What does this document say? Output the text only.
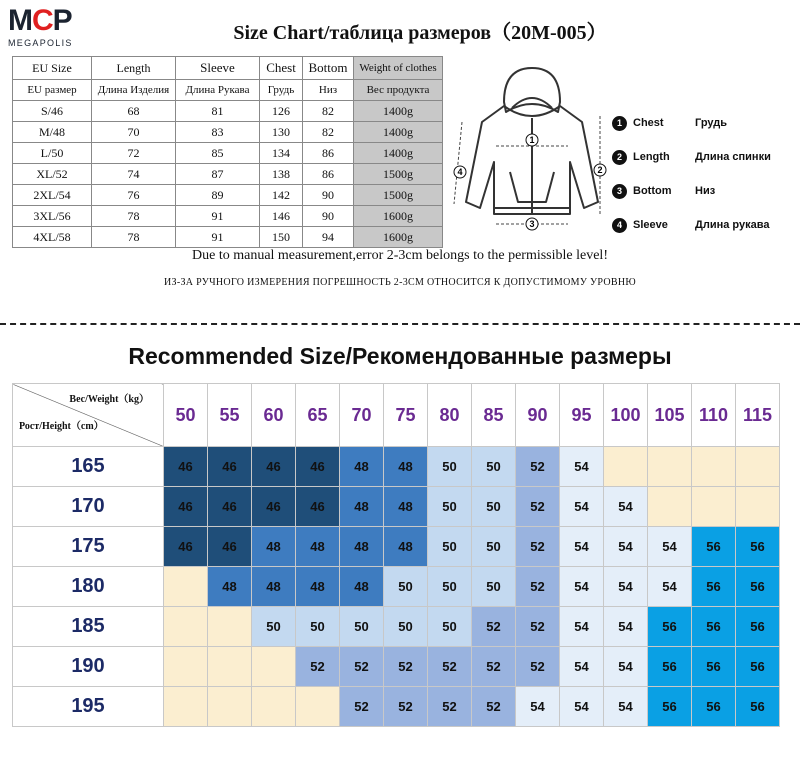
MCP
MEGAPOLIS	Size Chart/таблица размеров（20M-005）
EU Size	Length	Sleeve	Chest	Bottom	Weight of clothes
EU размер	Длина Изделия	Длина Рукава	Грудь	Низ	Вес продукта
S/46	68	81	126	82	1400g
M/48	70	83	130	82	1400g
L/50	72	85	134	86	1400g
XL/52	74	87	138	86	1500g
2XL/54	76	89	142	90	1500g
3XL/56	78	91	146	90	1600g
4XL/58	78	91	150	94	1600g
1
2
3
4
1	Chest	Грудь
2	Length	Длина спинки
3	Bottom	Низ
4	Sleeve	Длина рукава
Due to manual measurement,error 2-3cm belongs to the permissible level!
ИЗ-ЗА РУЧНОГО ИЗМЕРЕНИЯ ПОГРЕШНОСТЬ 2-3СМ ОТНОСИТСЯ К ДОПУСТИМОМУ УРОВНЮ
Recommended Size/Рекомендованные размеры
Вес/Weight（kg）
Рост/Height（cm）	50	55	60	65	70	75	80	85	90	95	100	105	110	115
165	46	46	46	46	48	48	50	50	52	54				
170	46	46	46	46	48	48	50	50	52	54	54			
175	46	46	48	48	48	48	50	50	52	54	54	54	56	56
180		48	48	48	48	50	50	50	52	54	54	54	56	56
185			50	50	50	50	50	52	52	54	54	56	56	56
190				52	52	52	52	52	52	54	54	56	56	56
195					52	52	52	52	54	54	54	56	56	56
